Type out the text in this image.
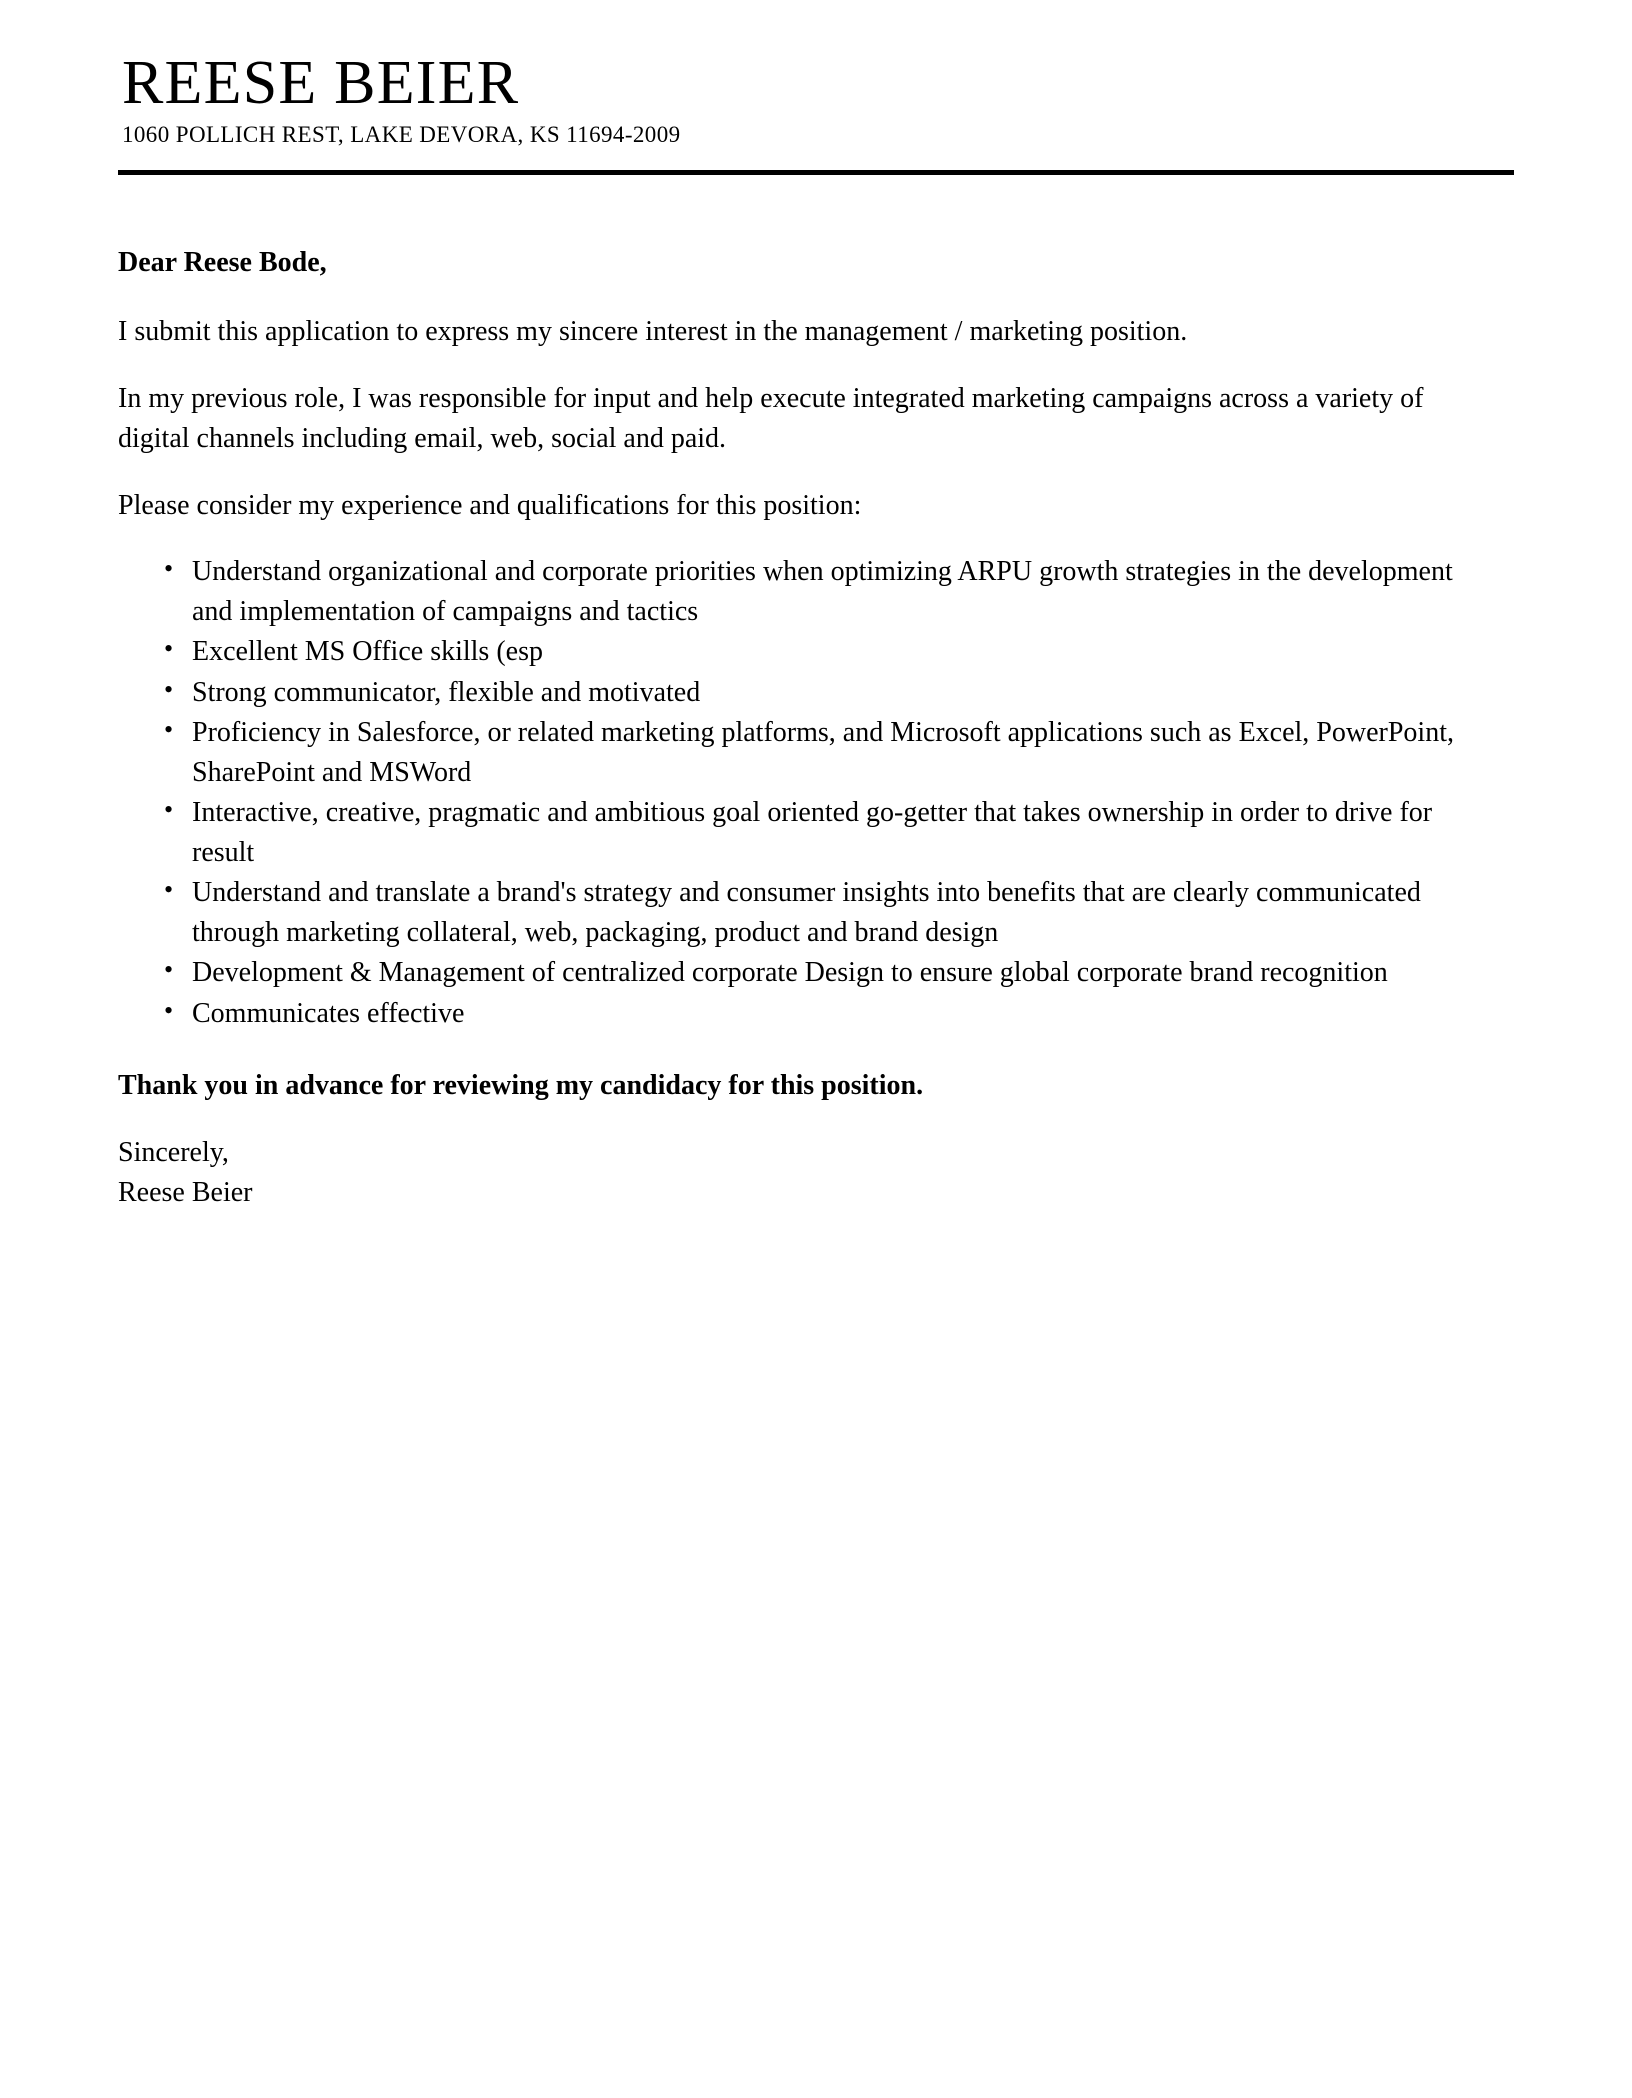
REESE BEIER
1060 POLLICH REST, LAKE DEVORA, KS 11694-2009
Dear Reese Bode,

I submit this application to express my sincere interest in the management / marketing position.

In my previous role, I was responsible for input and help execute integrated marketing campaigns across a variety of digital channels including email, web, social and paid.

Please consider my experience and qualifications for this position:

• Understand organizational and corporate priorities when optimizing ARPU growth strategies in the development and implementation of campaigns and tactics
• Excellent MS Office skills (esp
• Strong communicator, flexible and motivated
• Proficiency in Salesforce, or related marketing platforms, and Microsoft applications such as Excel, PowerPoint, SharePoint and MSWord
• Interactive, creative, pragmatic and ambitious goal oriented go-getter that takes ownership in order to drive for result
• Understand and translate a brand's strategy and consumer insights into benefits that are clearly communicated through marketing collateral, web, packaging, product and brand design
• Development & Management of centralized corporate Design to ensure global corporate brand recognition
• Communicates effective
Thank you in advance for reviewing my candidacy for this position.
Sincerely,
Reese Beier
